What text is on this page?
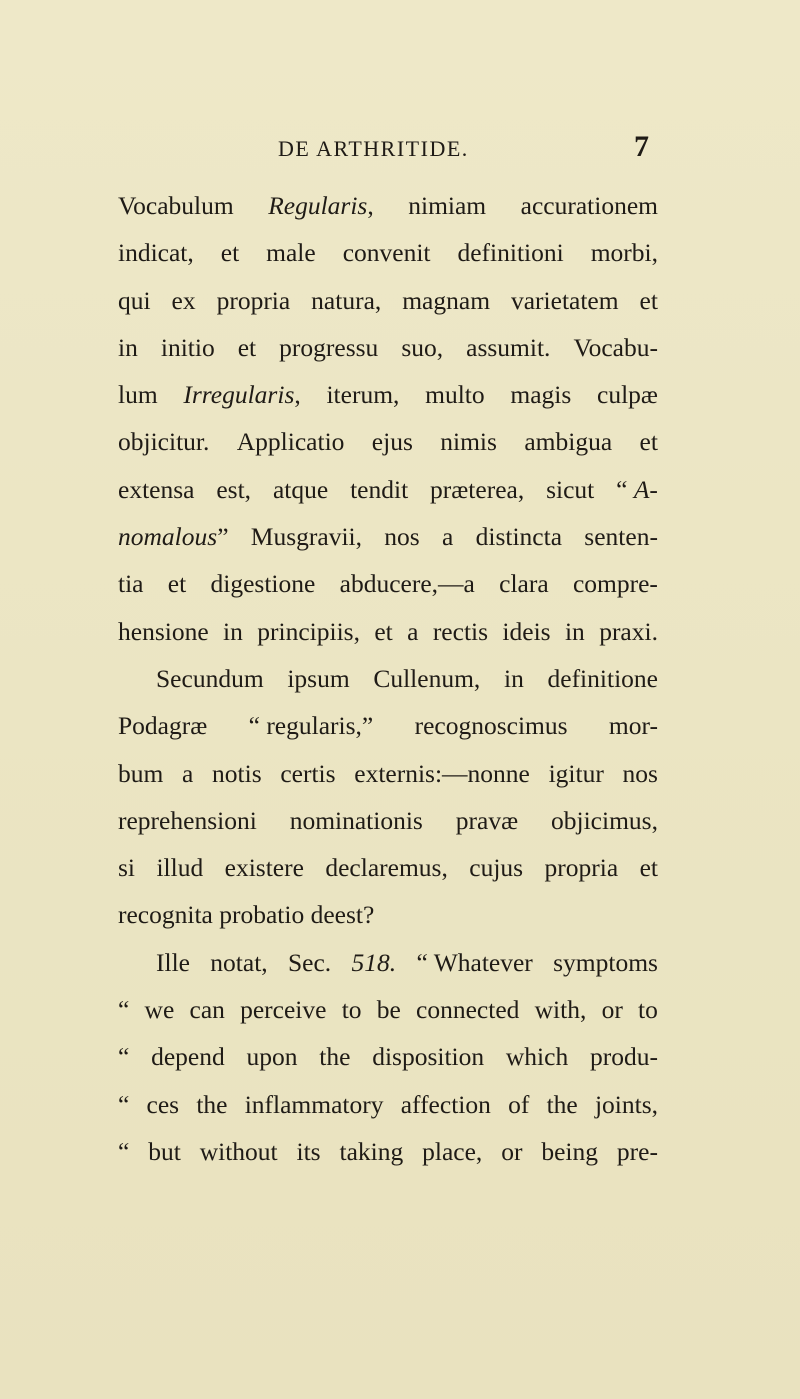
DE ARTHRITIDE.	7
Vocabulum Regularis, nimiam accurationem
indicat, et male convenit definitioni morbi,
qui ex propria natura, magnam varietatem et
in initio et progressu suo, assumit. Vocabu-
lum Irregularis, iterum, multo magis culpæ
objicitur. Applicatio ejus nimis ambigua et
extensa est, atque tendit præterea, sicut “ A-
nomalous” Musgravii, nos a distincta senten-
tia et digestione abducere,—a clara compre-
hensione in principiis, et a rectis ideis in praxi.
Secundum ipsum Cullenum, in definitione
Podagræ “ regularis,” recognoscimus mor-
bum a notis certis externis:—nonne igitur nos
reprehensioni nominationis pravæ objicimus,
si illud existere declaremus, cujus propria et
recognita probatio deest?
Ille notat, Sec. 518. “ Whatever symptoms
“ we can perceive to be connected with, or to
“ depend upon the disposition which produ-
“ ces the inflammatory affection of the joints,
“ but without its taking place, or being pre-
